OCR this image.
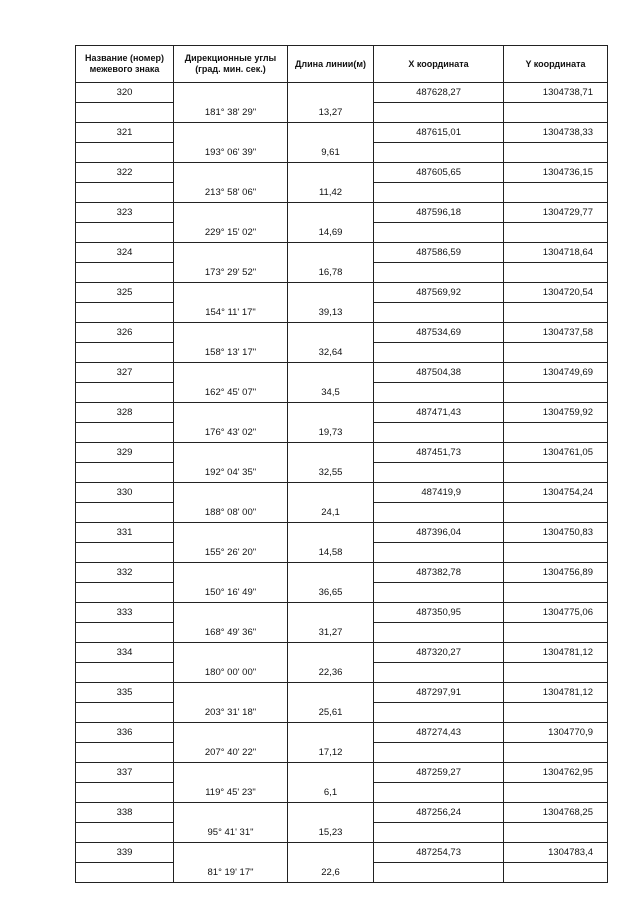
Название (номер) межевого знака	Дирекционные углы (град. мин. сек.)	Длина линии(м)	X координата	Y координата
320			487628,27	1304738,71
	181° 38' 29"	13,27		
321			487615,01	1304738,33
	193° 06' 39"	9,61		
322			487605,65	1304736,15
	213° 58' 06"	11,42		
323			487596,18	1304729,77
	229° 15' 02"	14,69		
324			487586,59	1304718,64
	173° 29' 52"	16,78		
325			487569,92	1304720,54
	154° 11' 17"	39,13		
326			487534,69	1304737,58
	158° 13' 17"	32,64		
327			487504,38	1304749,69
	162° 45' 07"	34,5		
328			487471,43	1304759,92
	176° 43' 02"	19,73		
329			487451,73	1304761,05
	192° 04' 35"	32,55		
330			487419,9	1304754,24
	188° 08' 00"	24,1		
331			487396,04	1304750,83
	155° 26' 20"	14,58		
332			487382,78	1304756,89
	150° 16' 49"	36,65		
333			487350,95	1304775,06
	168° 49' 36"	31,27		
334			487320,27	1304781,12
	180° 00' 00"	22,36		
335			487297,91	1304781,12
	203° 31' 18"	25,61		
336			487274,43	1304770,9
	207° 40' 22"	17,12		
337			487259,27	1304762,95
	119° 45' 23"	6,1		
338			487256,24	1304768,25
	95° 41' 31"	15,23		
339			487254,73	1304783,4
	81° 19' 17"	22,6		
